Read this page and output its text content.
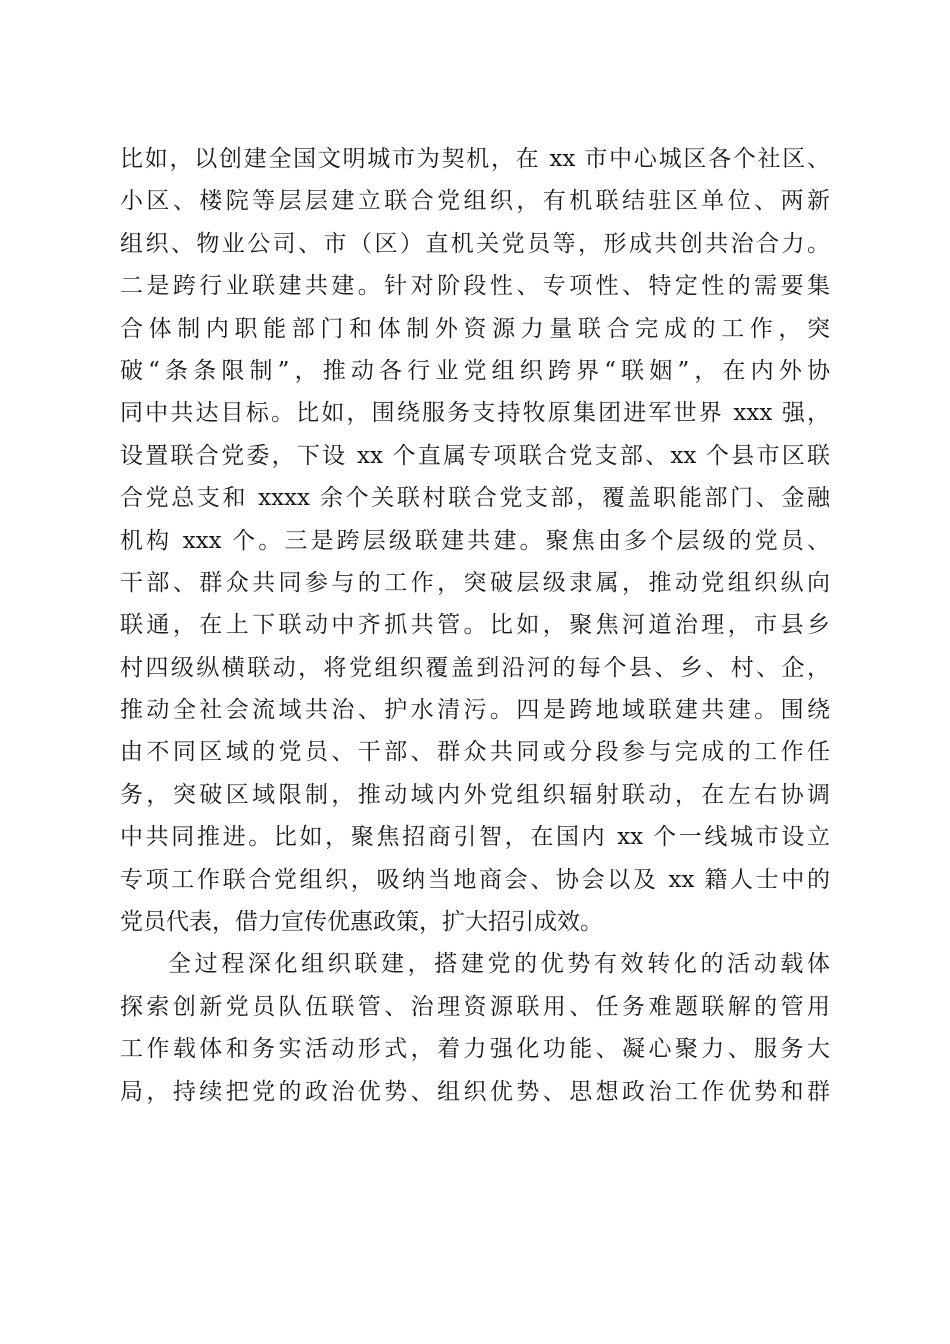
比如，以创建全国文明城市为契机，在 xx 市中心城区各个社区、
小区、楼院等层层建立联合党组织，有机联结驻区单位、两新
组织、物业公司、市（区）直机关党员等，形成共创共治合力。
二是跨行业联建共建。针对阶段性、专项性、特定性的需要集
合体制内职能部门和体制外资源力量联合完成的工作，突
破“条条限制”，推动各行业党组织跨界“联姻”，在内外协
同中共达目标。比如，围绕服务支持牧原集团进军世界 xxx 强，
设置联合党委，下设 xx 个直属专项联合党支部、xx 个县市区联
合党总支和 xxxx 余个关联村联合党支部，覆盖职能部门、金融
机构 xxx 个。三是跨层级联建共建。聚焦由多个层级的党员、
干部、群众共同参与的工作，突破层级隶属，推动党组织纵向
联通，在上下联动中齐抓共管。比如，聚焦河道治理，市县乡
村四级纵横联动，将党组织覆盖到沿河的每个县、乡、村、企，
推动全社会流域共治、护水清污。四是跨地域联建共建。围绕
由不同区域的党员、干部、群众共同或分段参与完成的工作任
务，突破区域限制，推动域内外党组织辐射联动，在左右协调
中共同推进。比如，聚焦招商引智，在国内 xx 个一线城市设立
专项工作联合党组织，吸纳当地商会、协会以及 xx 籍人士中的
党员代表，借力宣传优惠政策，扩大招引成效。
全过程深化组织联建，搭建党的优势有效转化的活动载体
探索创新党员队伍联管、治理资源联用、任务难题联解的管用
工作载体和务实活动形式，着力强化功能、凝心聚力、服务大
局，持续把党的政治优势、组织优势、思想政治工作优势和群
